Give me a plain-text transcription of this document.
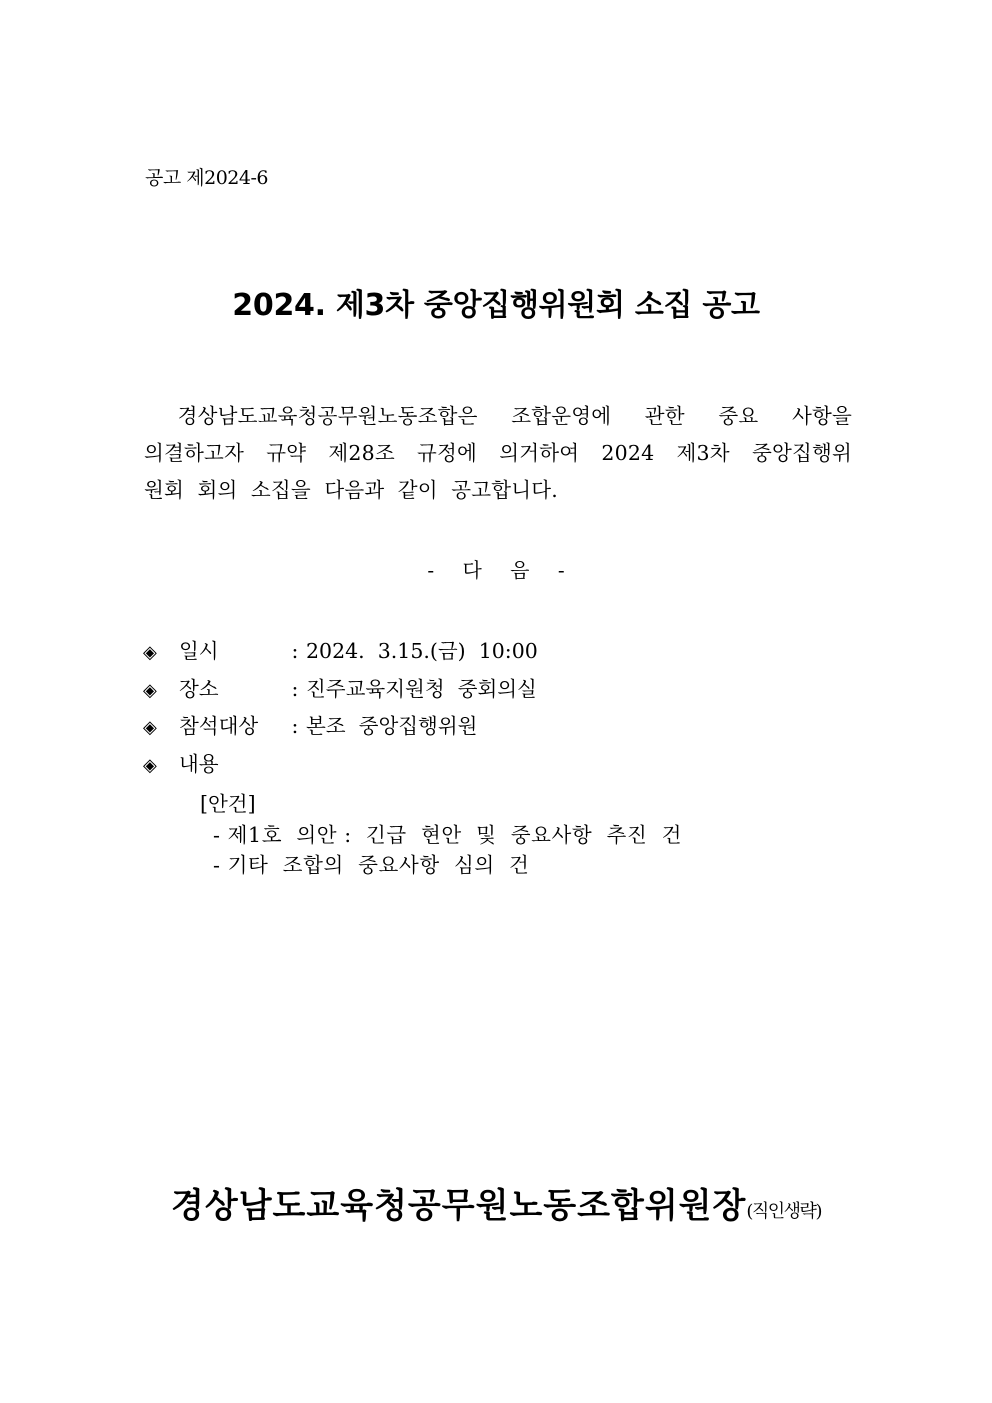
공고 제2024-6
2024. 제3차 중앙집행위원회 소집 공고
경상남도교육청공무원노동조합은  조합운영에  관한  중요  사항을
의결하고자  규약  제28조  규정에  의거하여  2024  제3차  중앙집행위
원회  회의  소집을  다음과  같이  공고합니다.
- 다 음 -
◈	일시	: 2024.  3.15.(금)  10:00
◈	장소	: 진주교육지원청  중회의실
◈	참석대상	: 본조  중앙집행위원
◈	내용
[안건]
- 제1호  의안 :  긴급  현안  및  중요사항  추진  건
- 기타  조합의  중요사항  심의  건
경상남도교육청공무원노동조합위원장(직인생략)
